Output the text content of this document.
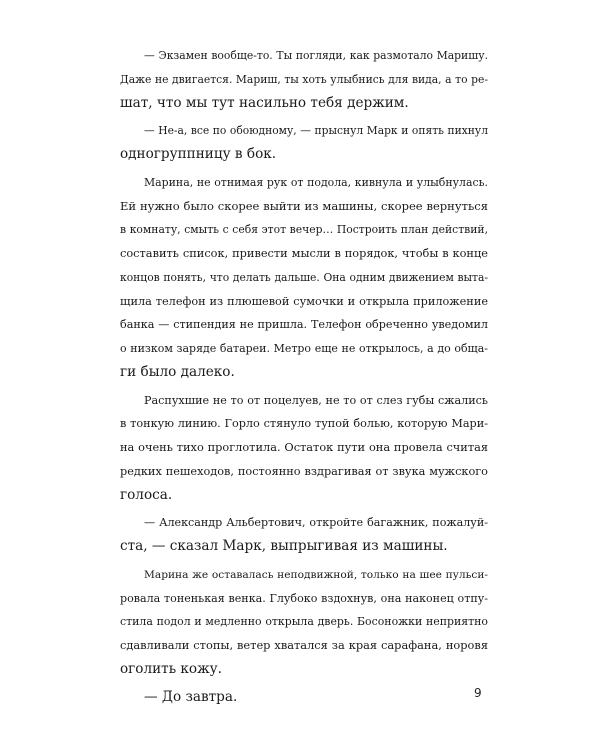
— Экзамен вообще-то. Ты погляди, как размотало Маришу.
Даже не двигается. Мариш, ты хоть улыбнись для вида, а то ре-
шат, что мы тут насильно тебя держим.
— Не-а, все по обоюдному, — прыснул Марк и опять пихнул
одногруппницу в бок.
Марина, не отнимая рук от подола, кивнула и улыбнулась.
Ей нужно было скорее выйти из машины, скорее вернуться
в комнату, смыть с себя этот вечер… Построить план действий,
составить список, привести мысли в порядок, чтобы в конце
концов понять, что делать дальше. Она одним движением выта-
щила телефон из плюшевой сумочки и открыла приложение
банка — стипендия не пришла. Телефон обреченно уведомил
о низком заряде батареи. Метро еще не открылось, а до обща-
ги было далеко.
Распухшие не то от поцелуев, не то от слез губы сжались
в тонкую линию. Горло стянуло тупой болью, которую Мари-
на очень тихо проглотила. Остаток пути она провела считая
редких пешеходов, постоянно вздрагивая от звука мужского
голоса.
— Александр Альбертович, откройте багажник, пожалуй-
ста, — сказал Марк, выпрыгивая из машины.
Марина же оставалась неподвижной, только на шее пульси-
ровала тоненькая венка. Глубоко вздохнув, она наконец отпу-
стила подол и медленно открыла дверь. Босоножки неприятно
сдавливали стопы, ветер хватался за края сарафана, норовя
оголить кожу.
— До завтра.	9
